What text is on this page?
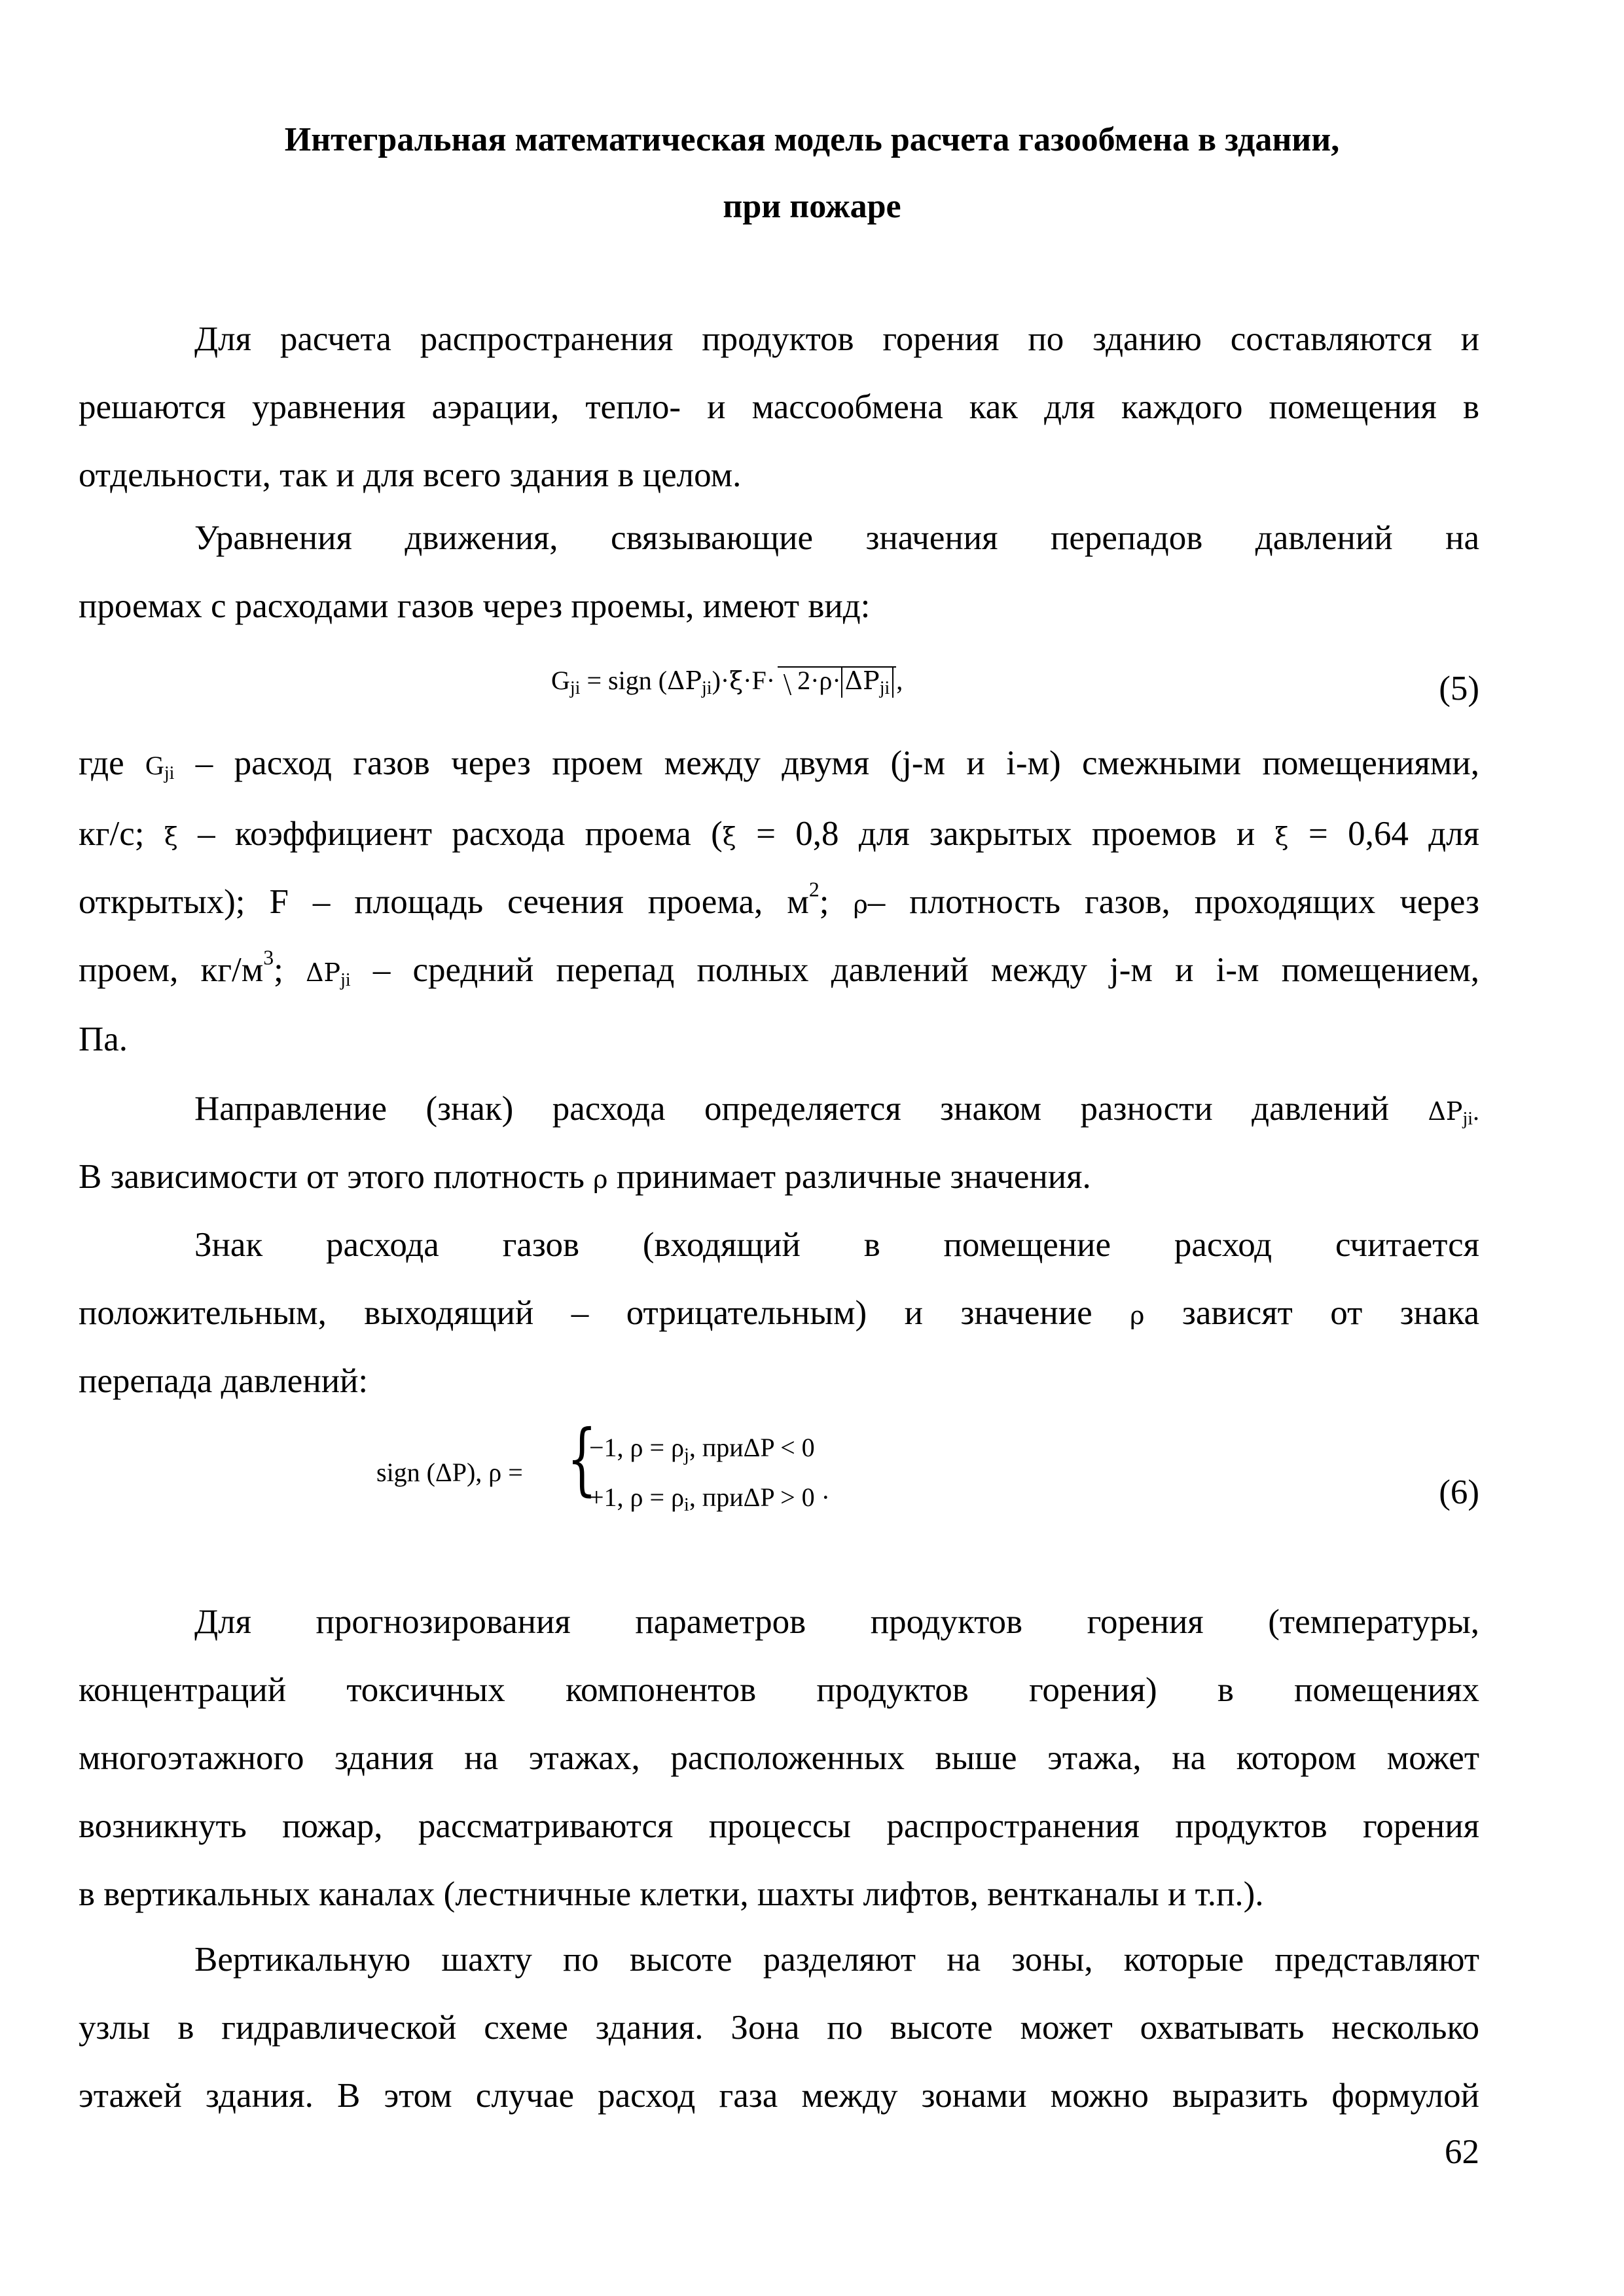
Интегральная математическая модель расчета газообмена в здании,
при пожаре
Для расчета распространения продуктов горения по зданию составляются и
решаются уравнения аэрации, тепло- и массообмена как для каждого помещения в
отдельности, так и для всего здания в целом.
Уравнения движения, связывающие значения перепадов давлений на
проемах с расходами газов через проемы, имеют вид:
$G_{ji}$ = sign $(\Delta P_{ji})\cdot\xi\cdot F\cdot 2\cdot\rho\cdot \Delta P_{ji}$ ,	(5)
где $G_{ji}$ – расход газов через проем между двумя (j-м и i-м) смежными помещениями,
кг/с; ξ – коэффициент расхода проема (ξ = 0,8 для закрытых проемов и ξ = 0,64 для
открытых); F – площадь сечения проема, $м^2$; ρ– плотность газов, проходящих через
проем, $кг/м^3$; $\Delta P_{ji}$ – средний перепад полных давлений между j-м и i-м помещением,
Па.
Направление (знак) расхода определяется знаком разности давлений $\Delta P_{ji}$.
В зависимости от этого плотность ρ принимает различные значения.
Знак расхода газов (входящий в помещение расход считается
положительным, выходящий – отрицательным) и значение ρ зависят от знака
перепада давлений:
sign (ΔP), ρ = {
−1, $\rho = \rho_j$, приΔP < 0
+1, $\rho = \rho_i$, приΔP > 0 ·	(6)
Для прогнозирования параметров продуктов горения (температуры,
концентраций токсичных компонентов продуктов горения) в помещениях
многоэтажного здания на этажах, расположенных выше этажа, на котором может
возникнуть пожар, рассматриваются процессы распространения продуктов горения
в вертикальных каналах (лестничные клетки, шахты лифтов, вентканалы и т.п.).
Вертикальную шахту по высоте разделяют на зоны, которые представляют
узлы в гидравлической схеме здания. Зона по высоте может охватывать несколько
этажей здания. В этом случае расход газа между зонами можно выразить формулой
62
